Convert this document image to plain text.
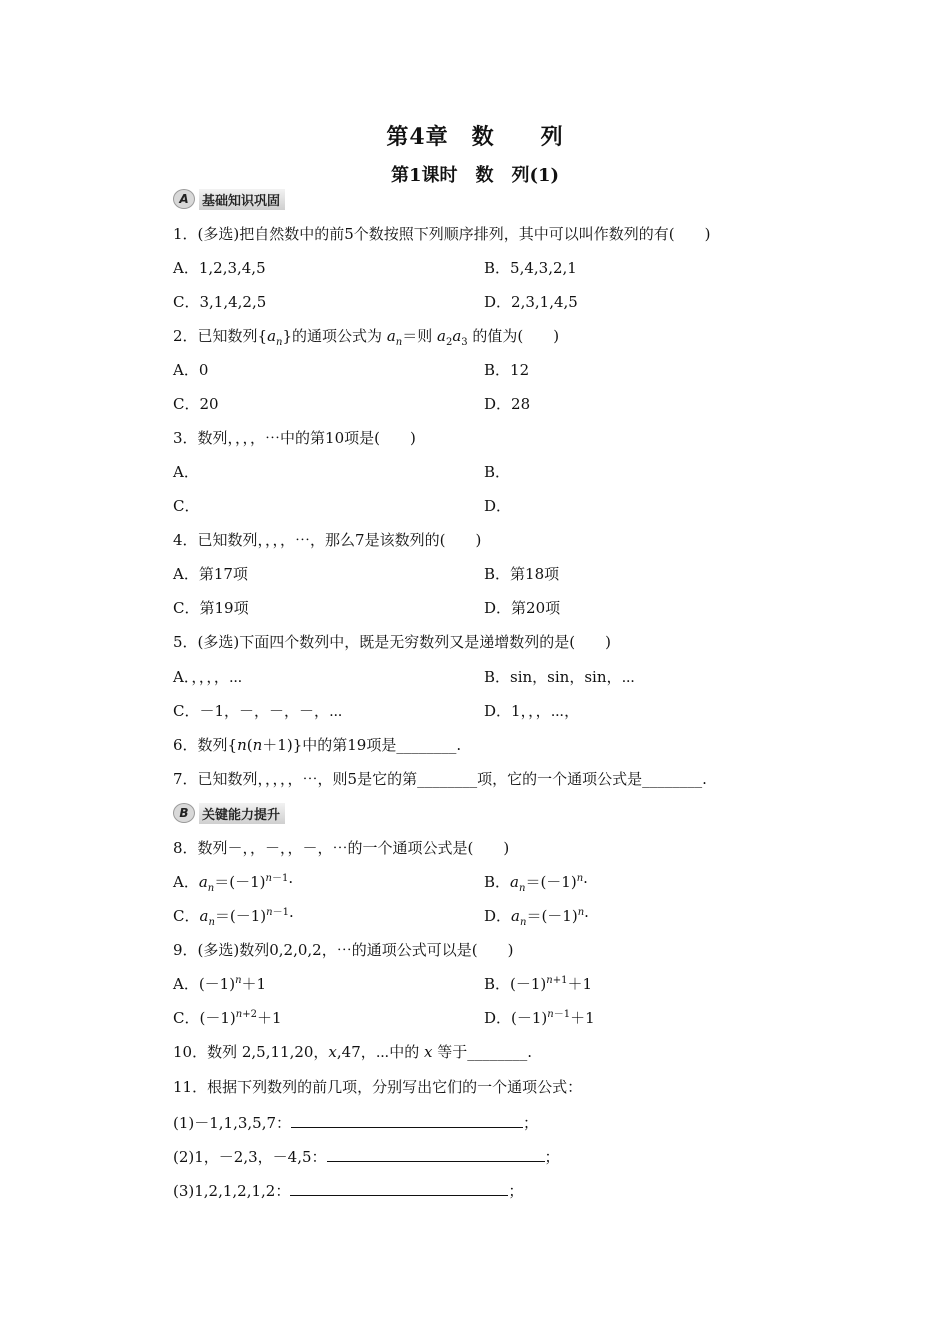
第4章　数　　列
第1课时　数　列(1)
A	基础知识巩固
1．(多选)把自然数中的前5个数按照下列顺序排列，其中可以叫作数列的有(　　)
A．1,2,3,4,5	B．5,4,3,2,1
C．3,1,4,2,5	D．2,3,1,4,5
2．已知数列$\{a_n\}$的通项公式为 $a_n=$则 $a_2a_3$ 的值为(　　)
A．0	B．12
C．20	D．28
3．数列，，，，⋯中的第10项是(　　)
A．	B．
C．	D．
4．已知数列，，，，⋯，那么7是该数列的(　　)
A．第17项	B．第18项
C．第19项	D．第20项
5．(多选)下面四个数列中，既是无穷数列又是递增数列的是(　　)
A．，，，，⋯	B．sin，sin，sin，⋯
C．－1，－，－，－，⋯	D．1，，，⋯，
6．数列{n(n＋1)}中的第19项是________.
7．已知数列，，，，，⋯，则5是它的第________项，它的一个通项公式是________.
B	关键能力提升
8．数列－，，－，，－，⋯的一个通项公式是(　　)
A．$a_n=(-1)^{n-1}\cdot$	B．$a_n=(-1)^n\cdot$
C．$a_n=(-1)^{n-1}\cdot$	D．$a_n=(-1)^n\cdot$
9．(多选)数列0,2,0,2，⋯的通项公式可以是(　　)
A．$(-1)^n+1$	B．$(-1)^{n+1}+1$
C．$(-1)^{n+2}+1$	D．$(-1)^{n-1}+1$
10．数列 2,5,11,20，x,47，⋯中的 x 等于________.
11．根据下列数列的前几项，分别写出它们的一个通项公式：
(1)－1,1,3,5,7：	；
(2)1，－2,3，－4,5：	；
(3)1,2,1,2,1,2：	；
